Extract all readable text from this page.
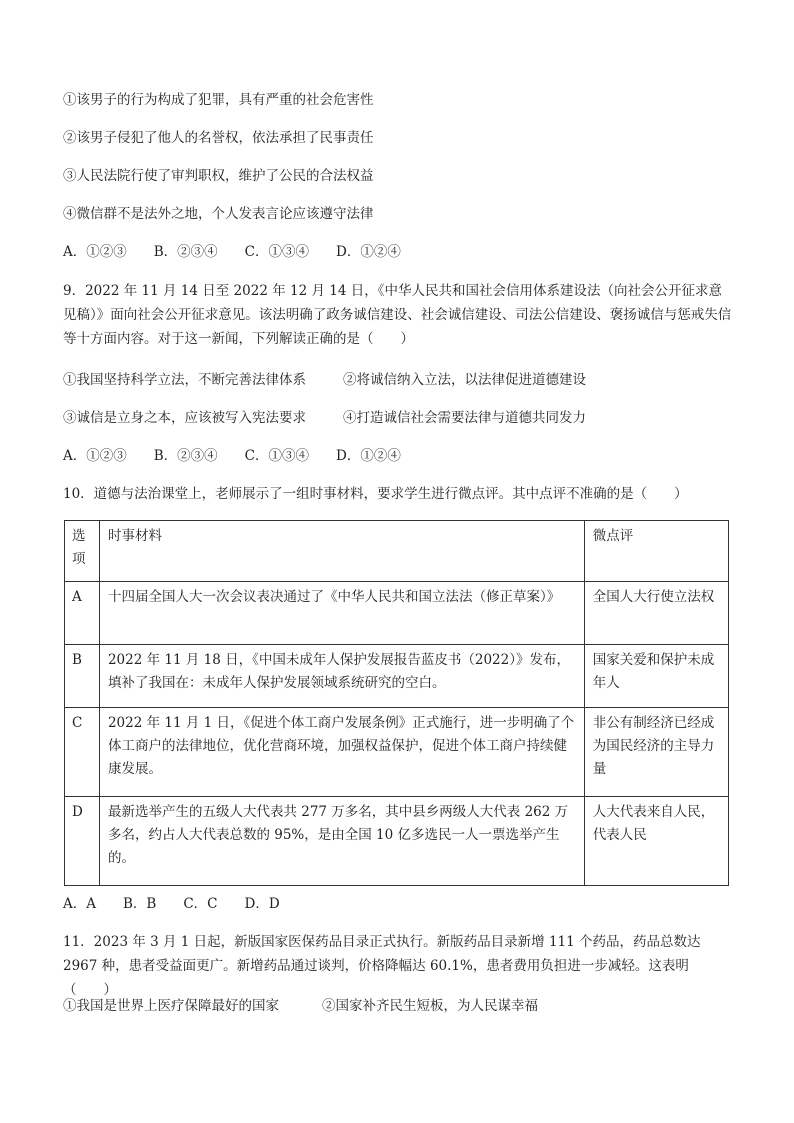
①该男子的行为构成了犯罪，具有严重的社会危害性
②该男子侵犯了他人的名誉权，依法承担了民事责任
③人民法院行使了审判职权，维护了公民的合法权益
④微信群不是法外之地，个人发表言论应该遵守法律
A．①②③　　B．②③④　　C．①③④　　D．①②④
9．2022 年 11 月 14 日至 2022 年 12 月 14 日，《中华人民共和国社会信用体系建设法（向社会公开征求意见稿）》面向社会公开征求意见。该法明确了政务诚信建设、社会诚信建设、司法公信建设、褒扬诚信与惩戒失信等十方面内容。对于这一新闻，下列解读正确的是（　　）
①我国坚持科学立法，不断完善法律体系	②将诚信纳入立法，以法律促进道德建设
③诚信是立身之本，应该被写入宪法要求	④打造诚信社会需要法律与道德共同发力
A．①②③　　B．②③④　　C．①③④　　D．①②④
10．道德与法治课堂上，老师展示了一组时事材料，要求学生进行微点评。其中点评不准确的是（　　）
选项	时事材料	微点评
A	十四届全国人大一次会议表决通过了《中华人民共和国立法法（修正草案）》	全国人大行使立法权
B	2022 年 11 月 18 日，《中国未成年人保护发展报告蓝皮书（2022）》发布，填补了我国在：未成年人保护发展领域系统研究的空白。	国家关爱和保护未成年人
C	2022 年 11 月 1 日，《促进个体工商户发展条例》正式施行，进一步明确了个体工商户的法律地位，优化营商环境，加强权益保护，促进个体工商户持续健康发展。	非公有制经济已经成为国民经济的主导力量
D	最新选举产生的五级人大代表共 277 万多名，其中县乡两级人大代表 262 万多名，约占人大代表总数的 95%，是由全国 10 亿多选民一人一票选举产生的。	人大代表来自人民，代表人民
A．A　　B．B　　C．C　　D．D
11．2023 年 3 月 1 日起，新版国家医保药品目录正式执行。新版药品目录新增 111 个药品，药品总数达 2967 种，患者受益面更广。新增药品通过谈判，价格降幅达 60.1%，患者费用负担进一步减轻。这表明（　　）
①我国是世界上医疗保障最好的国家	②国家补齐民生短板，为人民谋幸福
